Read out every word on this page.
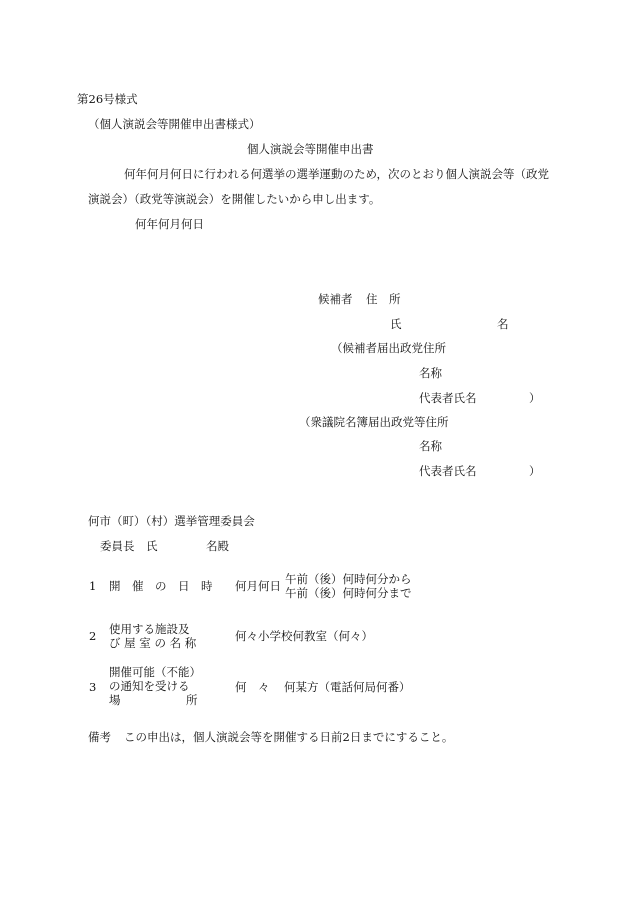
第26号様式
（個人演説会等開催申出書様式）
個人演説会等開催申出書
何年何月何日に行われる何選挙の選挙運動のため，次のとおり個人演説会等（政党
演説会）（政党等演説会）を開催したいから申し出ます。
何年何月何日
候補者 住　所
氏	名
（候補者届出政党住所
名称
代表者氏名	）
（衆議院名簿届出政党等住所
名称
代表者氏名	）
何市（町）（村）選挙管理委員会
委員長　氏	名殿
1 開　催　の　日　時 何月何日 午前（後）何時何分から
午前（後）何時何分まで
2 使用する施設及
び 屋 室 の 名 称	何々小学校何教室（何々）
3
開催可能（不能）
の通知を受ける
場	所
何　々 何某方（電話何局何番）
備考 この申出は，個人演説会等を開催する日前2日までにすること。
